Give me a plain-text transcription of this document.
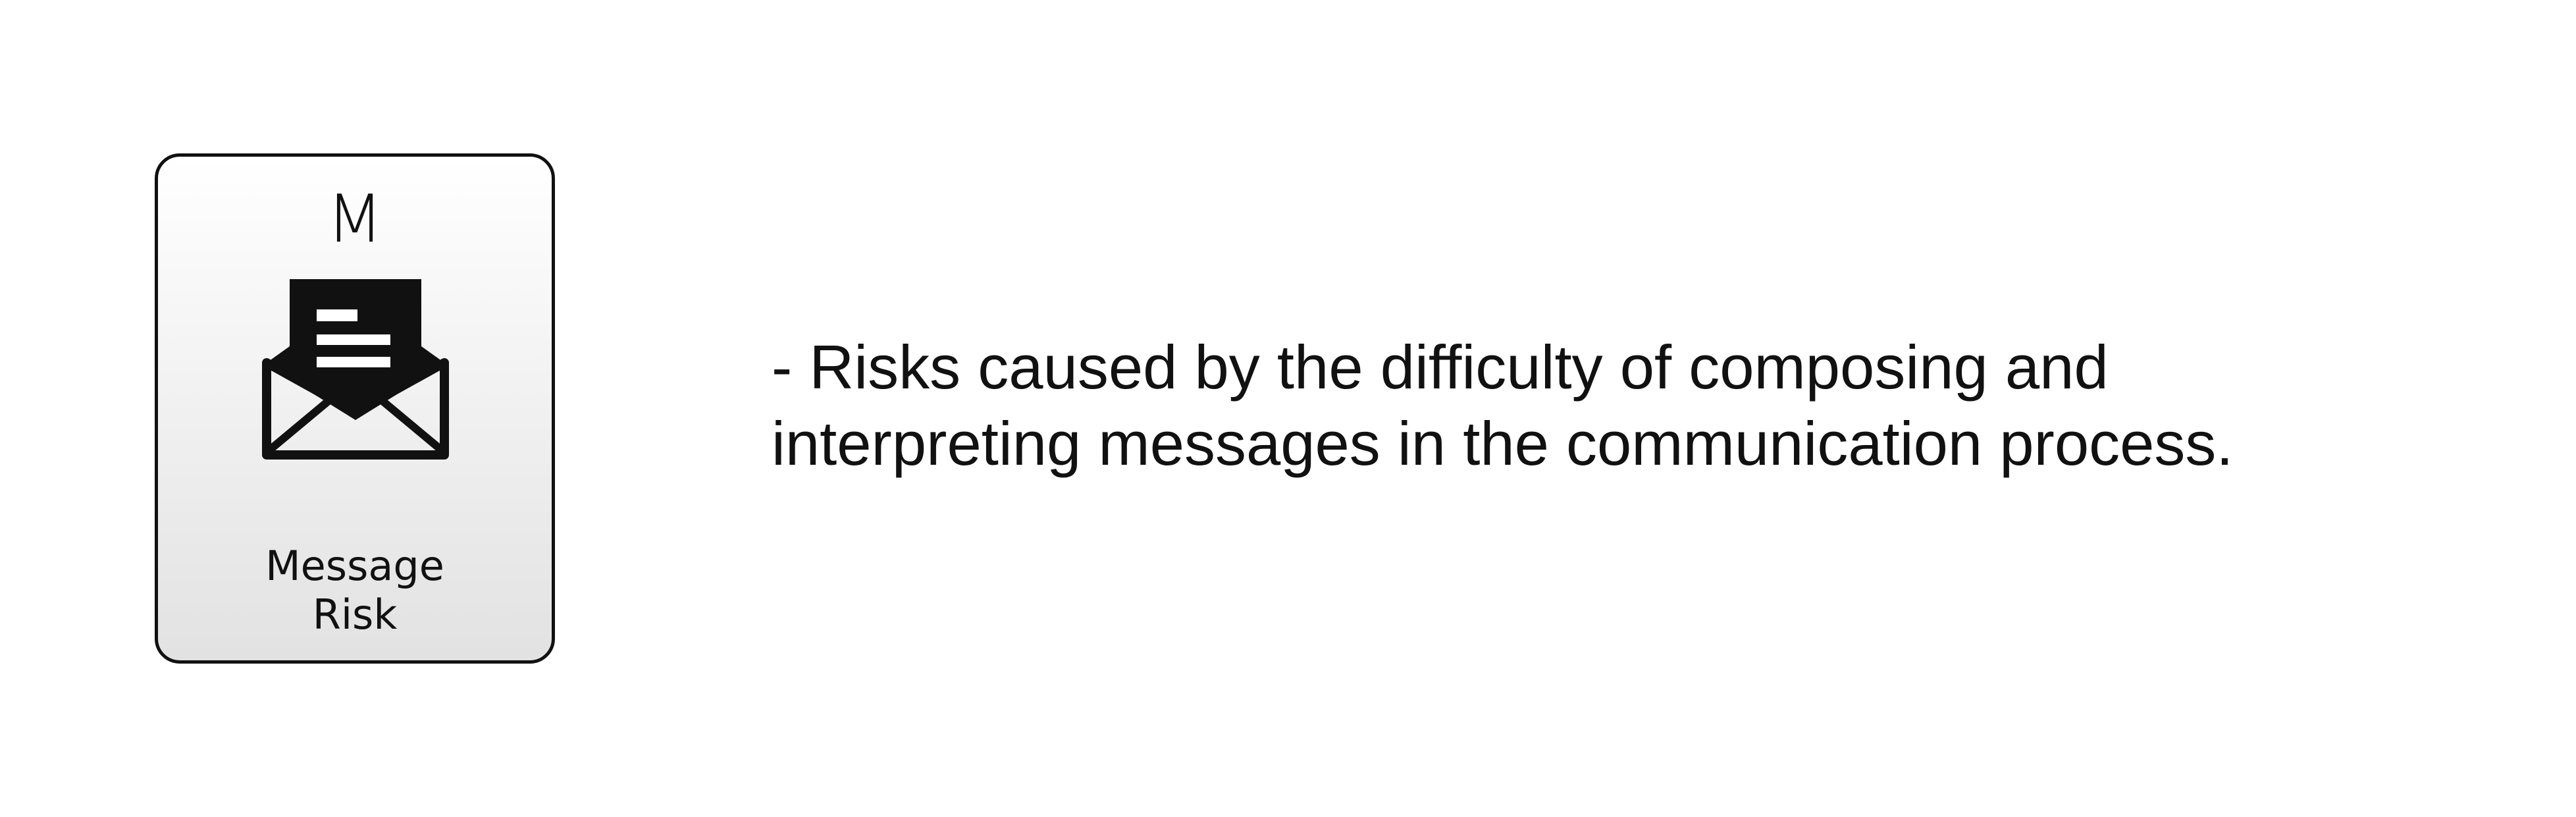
M
Message
Risk
- Risks caused by the difficulty of composing and
interpreting messages in the communication process.
